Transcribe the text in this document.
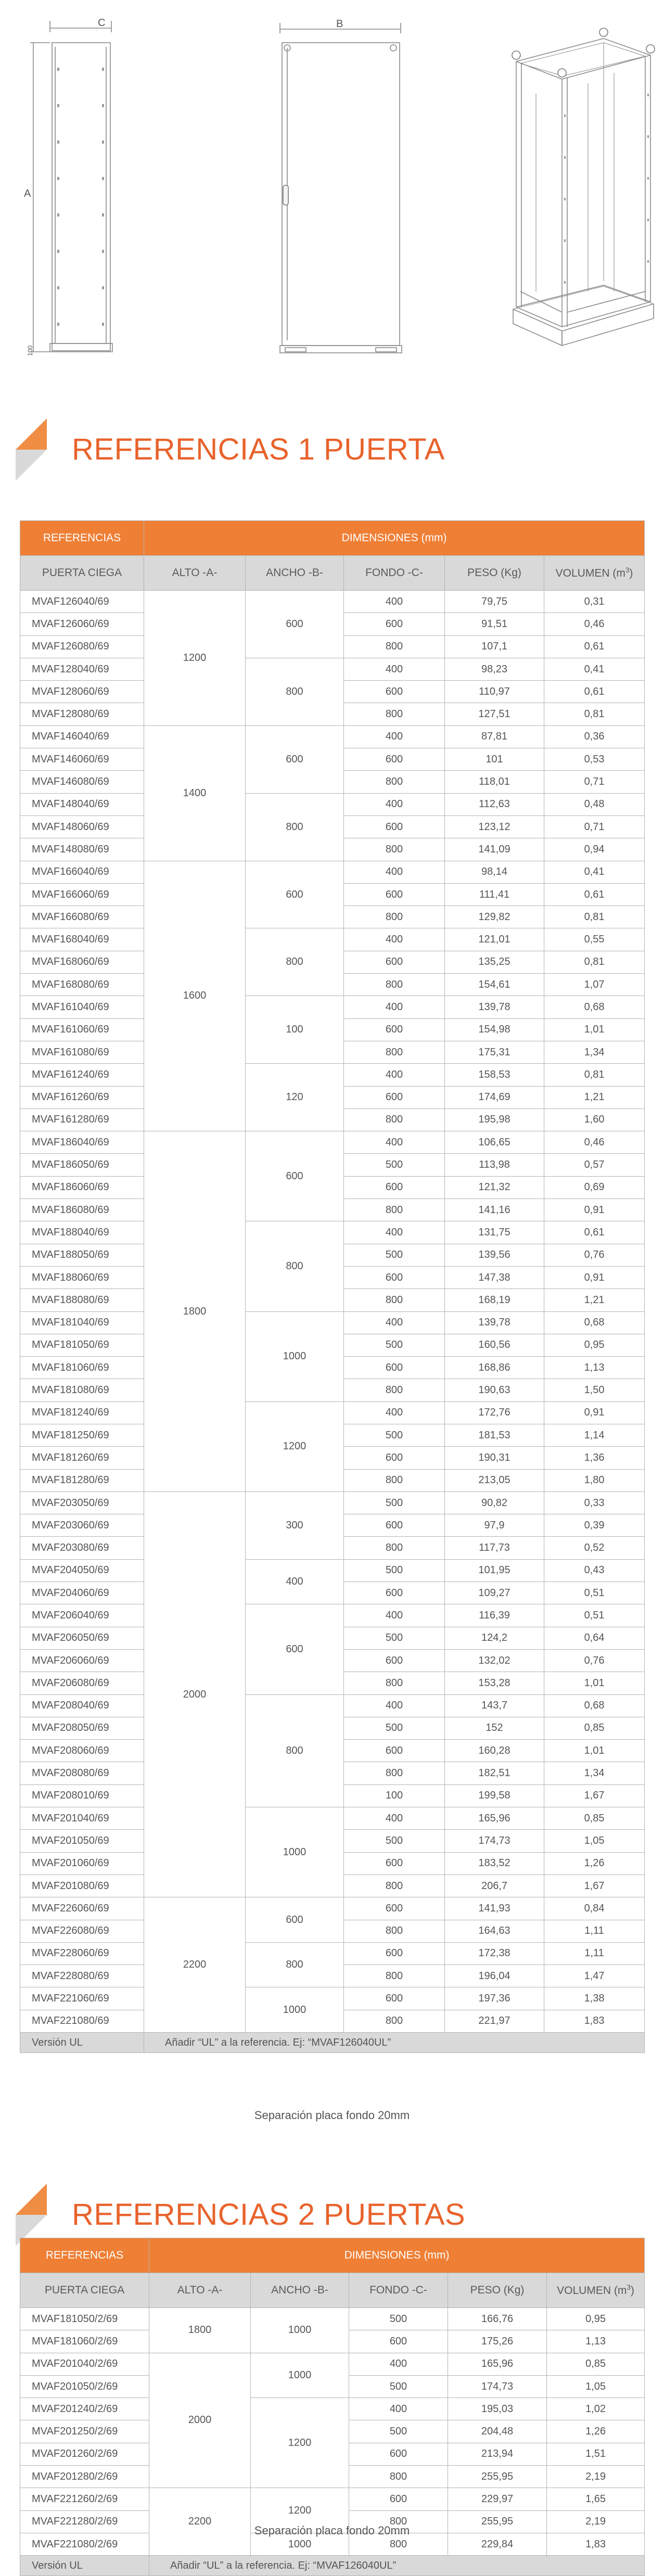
C
A
100
B
REFERENCIAS 1 PUERTA
REFERENCIAS	DIMENSIONES (mm)				
PUERTA CIEGA	ALTO -A-	ANCHO -B-	FONDO -C-	PESO (Kg)	VOLUMEN $(m^3)$
MVAF126040/69	1200	600	400	79,75	0,31
MVAF126060/69			600	91,51	0,46
MVAF126080/69			800	107,1	0,61
MVAF128040/69		800	400	98,23	0,41
MVAF128060/69			600	110,97	0,61
MVAF128080/69			800	127,51	0,81
MVAF146040/69	1400	600	400	87,81	0,36
MVAF146060/69			600	101	0,53
MVAF146080/69			800	118,01	0,71
MVAF148040/69		800	400	112,63	0,48
MVAF148060/69			600	123,12	0,71
MVAF148080/69			800	141,09	0,94
MVAF166040/69	1600	600	400	98,14	0,41
MVAF166060/69			600	111,41	0,61
MVAF166080/69			800	129,82	0,81
MVAF168040/69		800	400	121,01	0,55
MVAF168060/69			600	135,25	0,81
MVAF168080/69			800	154,61	1,07
MVAF161040/69		100	400	139,78	0,68
MVAF161060/69			600	154,98	1,01
MVAF161080/69			800	175,31	1,34
MVAF161240/69		120	400	158,53	0,81
MVAF161260/69			600	174,69	1,21
MVAF161280/69			800	195,98	1,60
MVAF186040/69	1800	600	400	106,65	0,46
MVAF186050/69			500	113,98	0,57
MVAF186060/69			600	121,32	0,69
MVAF186080/69			800	141,16	0,91
MVAF188040/69		800	400	131,75	0,61
MVAF188050/69			500	139,56	0,76
MVAF188060/69			600	147,38	0,91
MVAF188080/69			800	168,19	1,21
MVAF181040/69		1000	400	139,78	0,68
MVAF181050/69			500	160,56	0,95
MVAF181060/69			600	168,86	1,13
MVAF181080/69			800	190,63	1,50
MVAF181240/69		1200	400	172,76	0,91
MVAF181250/69			500	181,53	1,14
MVAF181260/69			600	190,31	1,36
MVAF181280/69			800	213,05	1,80
MVAF203050/69	2000	300	500	90,82	0,33
MVAF203060/69			600	97,9	0,39
MVAF203080/69			800	117,73	0,52
MVAF204050/69		400	500	101,95	0,43
MVAF204060/69			600	109,27	0,51
MVAF206040/69		600	400	116,39	0,51
MVAF206050/69			500	124,2	0,64
MVAF206060/69			600	132,02	0,76
MVAF206080/69			800	153,28	1,01
MVAF208040/69		800	400	143,7	0,68
MVAF208050/69			500	152	0,85
MVAF208060/69			600	160,28	1,01
MVAF208080/69			800	182,51	1,34
MVAF208010/69			100	199,58	1,67
MVAF201040/69		1000	400	165,96	0,85
MVAF201050/69			500	174,73	1,05
MVAF201060/69			600	183,52	1,26
MVAF201080/69			800	206,7	1,67
MVAF226060/69	2200	600	600	141,93	0,84
MVAF226080/69			800	164,63	1,11
MVAF228060/69		800	600	172,38	1,11
MVAF228080/69			800	196,04	1,47
MVAF221060/69		1000	600	197,36	1,38
MVAF221080/69			800	221,97	1,83
Versión UL	Añadir “UL” a la referencia. Ej: “MVAF126040UL”				
Separación placa fondo 20mm
REFERENCIAS 2 PUERTAS
REFERENCIAS	DIMENSIONES (mm)				
PUERTA CIEGA	ALTO -A-	ANCHO -B-	FONDO -C-	PESO (Kg)	VOLUMEN $(m^3)$
MVAF181050/2/69	1800	1000	500	166,76	0,95
MVAF181060/2/69			600	175,26	1,13
MVAF201040/2/69	2000	1000	400	165,96	0,85
MVAF201050/2/69			500	174,73	1,05
MVAF201240/2/69		1200	400	195,03	1,02
MVAF201250/2/69			500	204,48	1,26
MVAF201260/2/69			600	213,94	1,51
MVAF201280/2/69			800	255,95	2,19
MVAF221260/2/69	2200	1200	600	229,97	1,65
MVAF221280/2/69			800	255,95	2,19
MVAF221080/2/69		1000	800	229,84	1,83
Versión UL	Añadir “UL” a la referencia. Ej: “MVAF126040UL”				
Separación placa fondo 20mm
